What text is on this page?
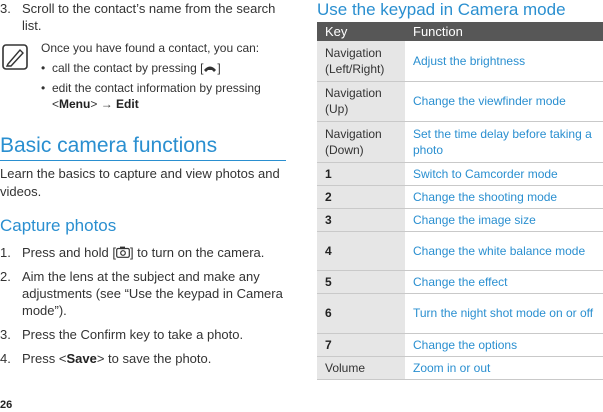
3. Scroll to the contact’s name from the search list.
Once you have found a contact, you can:
• call the contact by pressing [ ]
• edit the contact information by pressing <Menu> → Edit
Basic camera functions
Learn the basics to capture and view photos and videos.
Capture photos
1. Press and hold [ ] to turn on the camera.
2. Aim the lens at the subject and make any adjustments (see “Use the keypad in Camera mode”).
3. Press the Confirm key to take a photo.
4. Press <Save> to save the photo.
26
Use the keypad in Camera mode
Key	Function
Navigation (Left/Right)	Adjust the brightness
Navigation (Up)	Change the viewfinder mode
Navigation (Down)	Set the time delay before taking a photo
1	Switch to Camcorder mode
2	Change the shooting mode
3	Change the image size
4	Change the white balance mode
5	Change the effect
6	Turn the night shot mode on or off
7	Change the options
Volume	Zoom in or out
